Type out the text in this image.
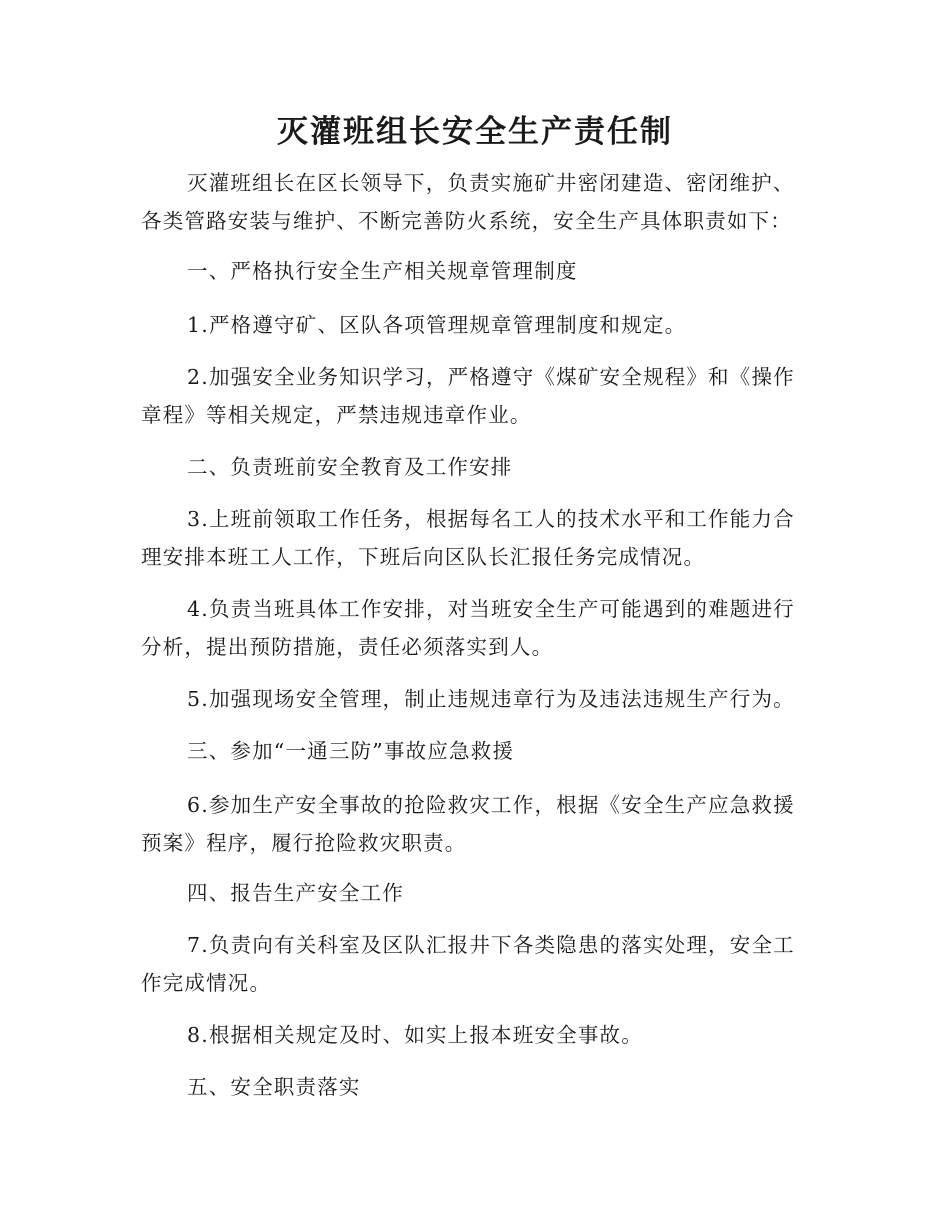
灭灌班组长安全生产责任制

灭灌班组长在区长领导下，负责实施矿井密闭建造、密闭维护、各类管路安装与维护、不断完善防火系统，安全生产具体职责如下：

一、严格执行安全生产相关规章管理制度

1.严格遵守矿、区队各项管理规章管理制度和规定。

2.加强安全业务知识学习，严格遵守《煤矿安全规程》和《操作章程》等相关规定，严禁违规违章作业。

二、负责班前安全教育及工作安排

3.上班前领取工作任务，根据每名工人的技术水平和工作能力合理安排本班工人工作，下班后向区队长汇报任务完成情况。

4.负责当班具体工作安排，对当班安全生产可能遇到的难题进行分析，提出预防措施，责任必须落实到人。

5.加强现场安全管理，制止违规违章行为及违法违规生产行为。

三、参加“一通三防”事故应急救援

6.参加生产安全事故的抢险救灾工作，根据《安全生产应急救援预案》程序，履行抢险救灾职责。

四、报告生产安全工作

7.负责向有关科室及区队汇报井下各类隐患的落实处理，安全工作完成情况。

8.根据相关规定及时、如实上报本班安全事故。

五、安全职责落实
